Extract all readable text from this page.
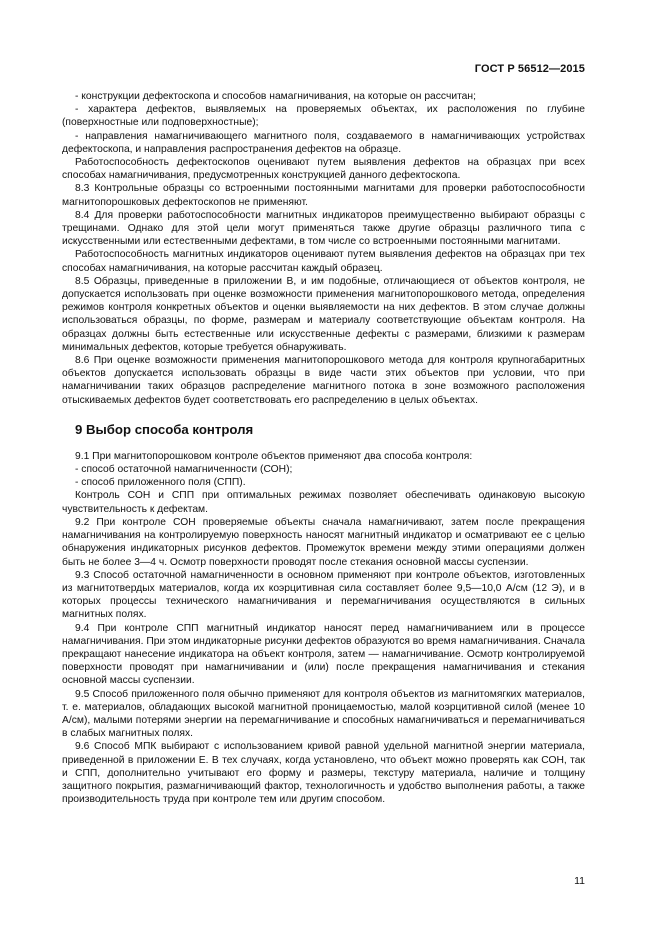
ГОСТ Р 56512—2015

- конструкции дефектоскопа и способов намагничивания, на которые он рассчитан;

- характера дефектов, выявляемых на проверяемых объектах, их расположения по глубине (поверхностные или подповерхностные);

- направления намагничивающего магнитного поля, создаваемого в намагничивающих устройствах дефектоскопа, и направления распространения дефектов на образце.

Работоспособность дефектоскопов оценивают путем выявления дефектов на образцах при всех способах намагничивания, предусмотренных конструкцией данного дефектоскопа.

8.3 Контрольные образцы со встроенными постоянными магнитами для проверки работоспособности магнитопорошковых дефектоскопов не применяют.

8.4 Для проверки работоспособности магнитных индикаторов преимущественно выбирают образцы с трещинами. Однако для этой цели могут применяться также другие образцы различного типа с искусственными или естественными дефектами, в том числе со встроенными постоянными магнитами.

Работоспособность магнитных индикаторов оценивают путем выявления дефектов на образцах при тех способах намагничивания, на которые рассчитан каждый образец.

8.5 Образцы, приведенные в приложении В, и им подобные, отличающиеся от объектов контроля, не допускается использовать при оценке возможности применения магнитопорошкового метода, определения режимов контроля конкретных объектов и оценки выявляемости на них дефектов. В этом случае должны использоваться образцы, по форме, размерам и материалу соответствующие объектам контроля. На образцах должны быть естественные или искусственные дефекты с размерами, близкими к размерам минимальных дефектов, которые требуется обнаруживать.

8.6 При оценке возможности применения магнитопорошкового метода для контроля крупногабаритных объектов допускается использовать образцы в виде части этих объектов при условии, что при намагничивании таких образцов распределение магнитного потока в зоне возможного расположения отыскиваемых дефектов будет соответствовать его распределению в целых объектах.

9 Выбор способа контроля

9.1 При магнитопорошковом контроле объектов применяют два способа контроля:

- способ остаточной намагниченности (СОН);

- способ приложенного поля (СПП).

Контроль СОН и СПП при оптимальных режимах позволяет обеспечивать одинаковую высокую чувствительность к дефектам.

9.2 При контроле СОН проверяемые объекты сначала намагничивают, затем после прекращения намагничивания на контролируемую поверхность наносят магнитный индикатор и осматривают ее с целью обнаружения индикаторных рисунков дефектов. Промежуток времени между этими операциями должен быть не более 3—4 ч. Осмотр поверхности проводят после стекания основной массы суспензии.

9.3 Способ остаточной намагниченности в основном применяют при контроле объектов, изготовленных из магнитотвердых материалов, когда их коэрцитивная сила составляет более 9,5—10,0 А/см (12 Э), и в которых процессы технического намагничивания и перемагничивания осуществляются в сильных магнитных полях.

9.4 При контроле СПП магнитный индикатор наносят перед намагничиванием или в процессе намагничивания. При этом индикаторные рисунки дефектов образуются во время намагничивания. Сначала прекращают нанесение индикатора на объект контроля, затем — намагничивание. Осмотр контролируемой поверхности проводят при намагничивании и (или) после прекращения намагничивания и стекания основной массы суспензии.

9.5 Способ приложенного поля обычно применяют для контроля объектов из магнитомягких материалов, т. е. материалов, обладающих высокой магнитной проницаемостью, малой коэрцитивной силой (менее 10 А/см), малыми потерями энергии на перемагничивание и способных намагничиваться и перемагничиваться в слабых магнитных полях.

9.6 Способ МПК выбирают с использованием кривой равной удельной магнитной энергии материала, приведенной в приложении Е. В тех случаях, когда установлено, что объект можно проверять как СОН, так и СПП, дополнительно учитывают его форму и размеры, текстуру материала, наличие и толщину защитного покрытия, размагничивающий фактор, технологичность и удобство выполнения работы, а также производительность труда при контроле тем или другим способом.

11
